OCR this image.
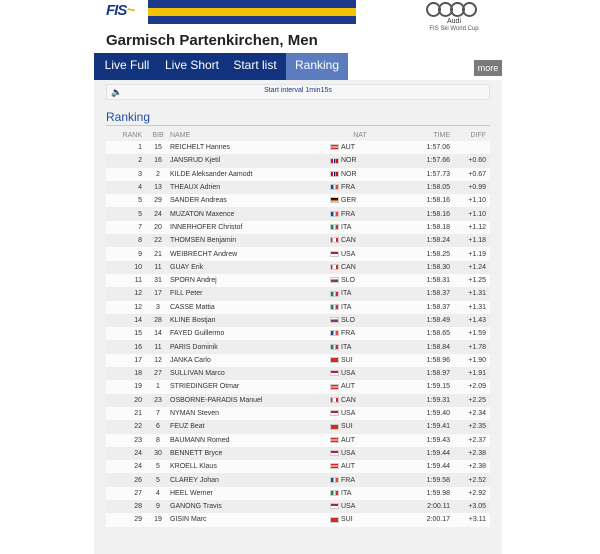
FIS~
Audi
FIS Ski World Cup
Garmisch Partenkirchen, Men
Live Full	Live Short	Start list	Ranking	more
🔈	Start interval 1min15s
Ranking
RANK	BIB	NAME	NAT	TIME	DIFF
1	15	REICHELT Hannes	AUT	1:57.06	
2	16	JANSRUD Kjetil	NOR	1:57.66	+0.60
3	2	KILDE Aleksander Aamodt	NOR	1:57.73	+0.67
4	13	THEAUX Adrien	FRA	1:58.05	+0.99
5	29	SANDER Andreas	GER	1:58.16	+1.10
5	24	MUZATON Maxence	FRA	1:58.16	+1.10
7	20	INNERHOFER Christof	ITA	1:58.18	+1.12
8	22	THOMSEN Benjamin	CAN	1:58.24	+1.18
9	21	WEIBRECHT Andrew	USA	1:58.25	+1.19
10	11	GUAY Erik	CAN	1:58.30	+1.24
11	31	SPORN Andrej	SLO	1:58.31	+1.25
12	17	FILL Peter	ITA	1:58.37	+1.31
12	3	CASSE Mattia	ITA	1:58.37	+1.31
14	28	KLINE Bostjan	SLO	1:58.49	+1.43
15	14	FAYED Guillermo	FRA	1:58.65	+1.59
16	11	PARIS Dominik	ITA	1:58.84	+1.78
17	12	JANKA Carlo	SUI	1:58.96	+1.90
18	27	SULLIVAN Marco	USA	1:58.97	+1.91
19	1	STRIEDINGER Otmar	AUT	1:59.15	+2.09
20	23	OSBORNE-PARADIS Manuel	CAN	1:59.31	+2.25
21	7	NYMAN Steven	USA	1:59.40	+2.34
22	6	FEUZ Beat	SUI	1:59.41	+2.35
23	8	BAUMANN Romed	AUT	1:59.43	+2.37
24	30	BENNETT Bryce	USA	1:59.44	+2.38
24	5	KROELL Klaus	AUT	1:59.44	+2.38
26	5	CLAREY Johan	FRA	1:59.58	+2.52
27	4	HEEL Werner	ITA	1:59.98	+2.92
28	9	GANONG Travis	USA	2:00.11	+3.05
29	19	GISIN Marc	SUI	2:00.17	+3.11
